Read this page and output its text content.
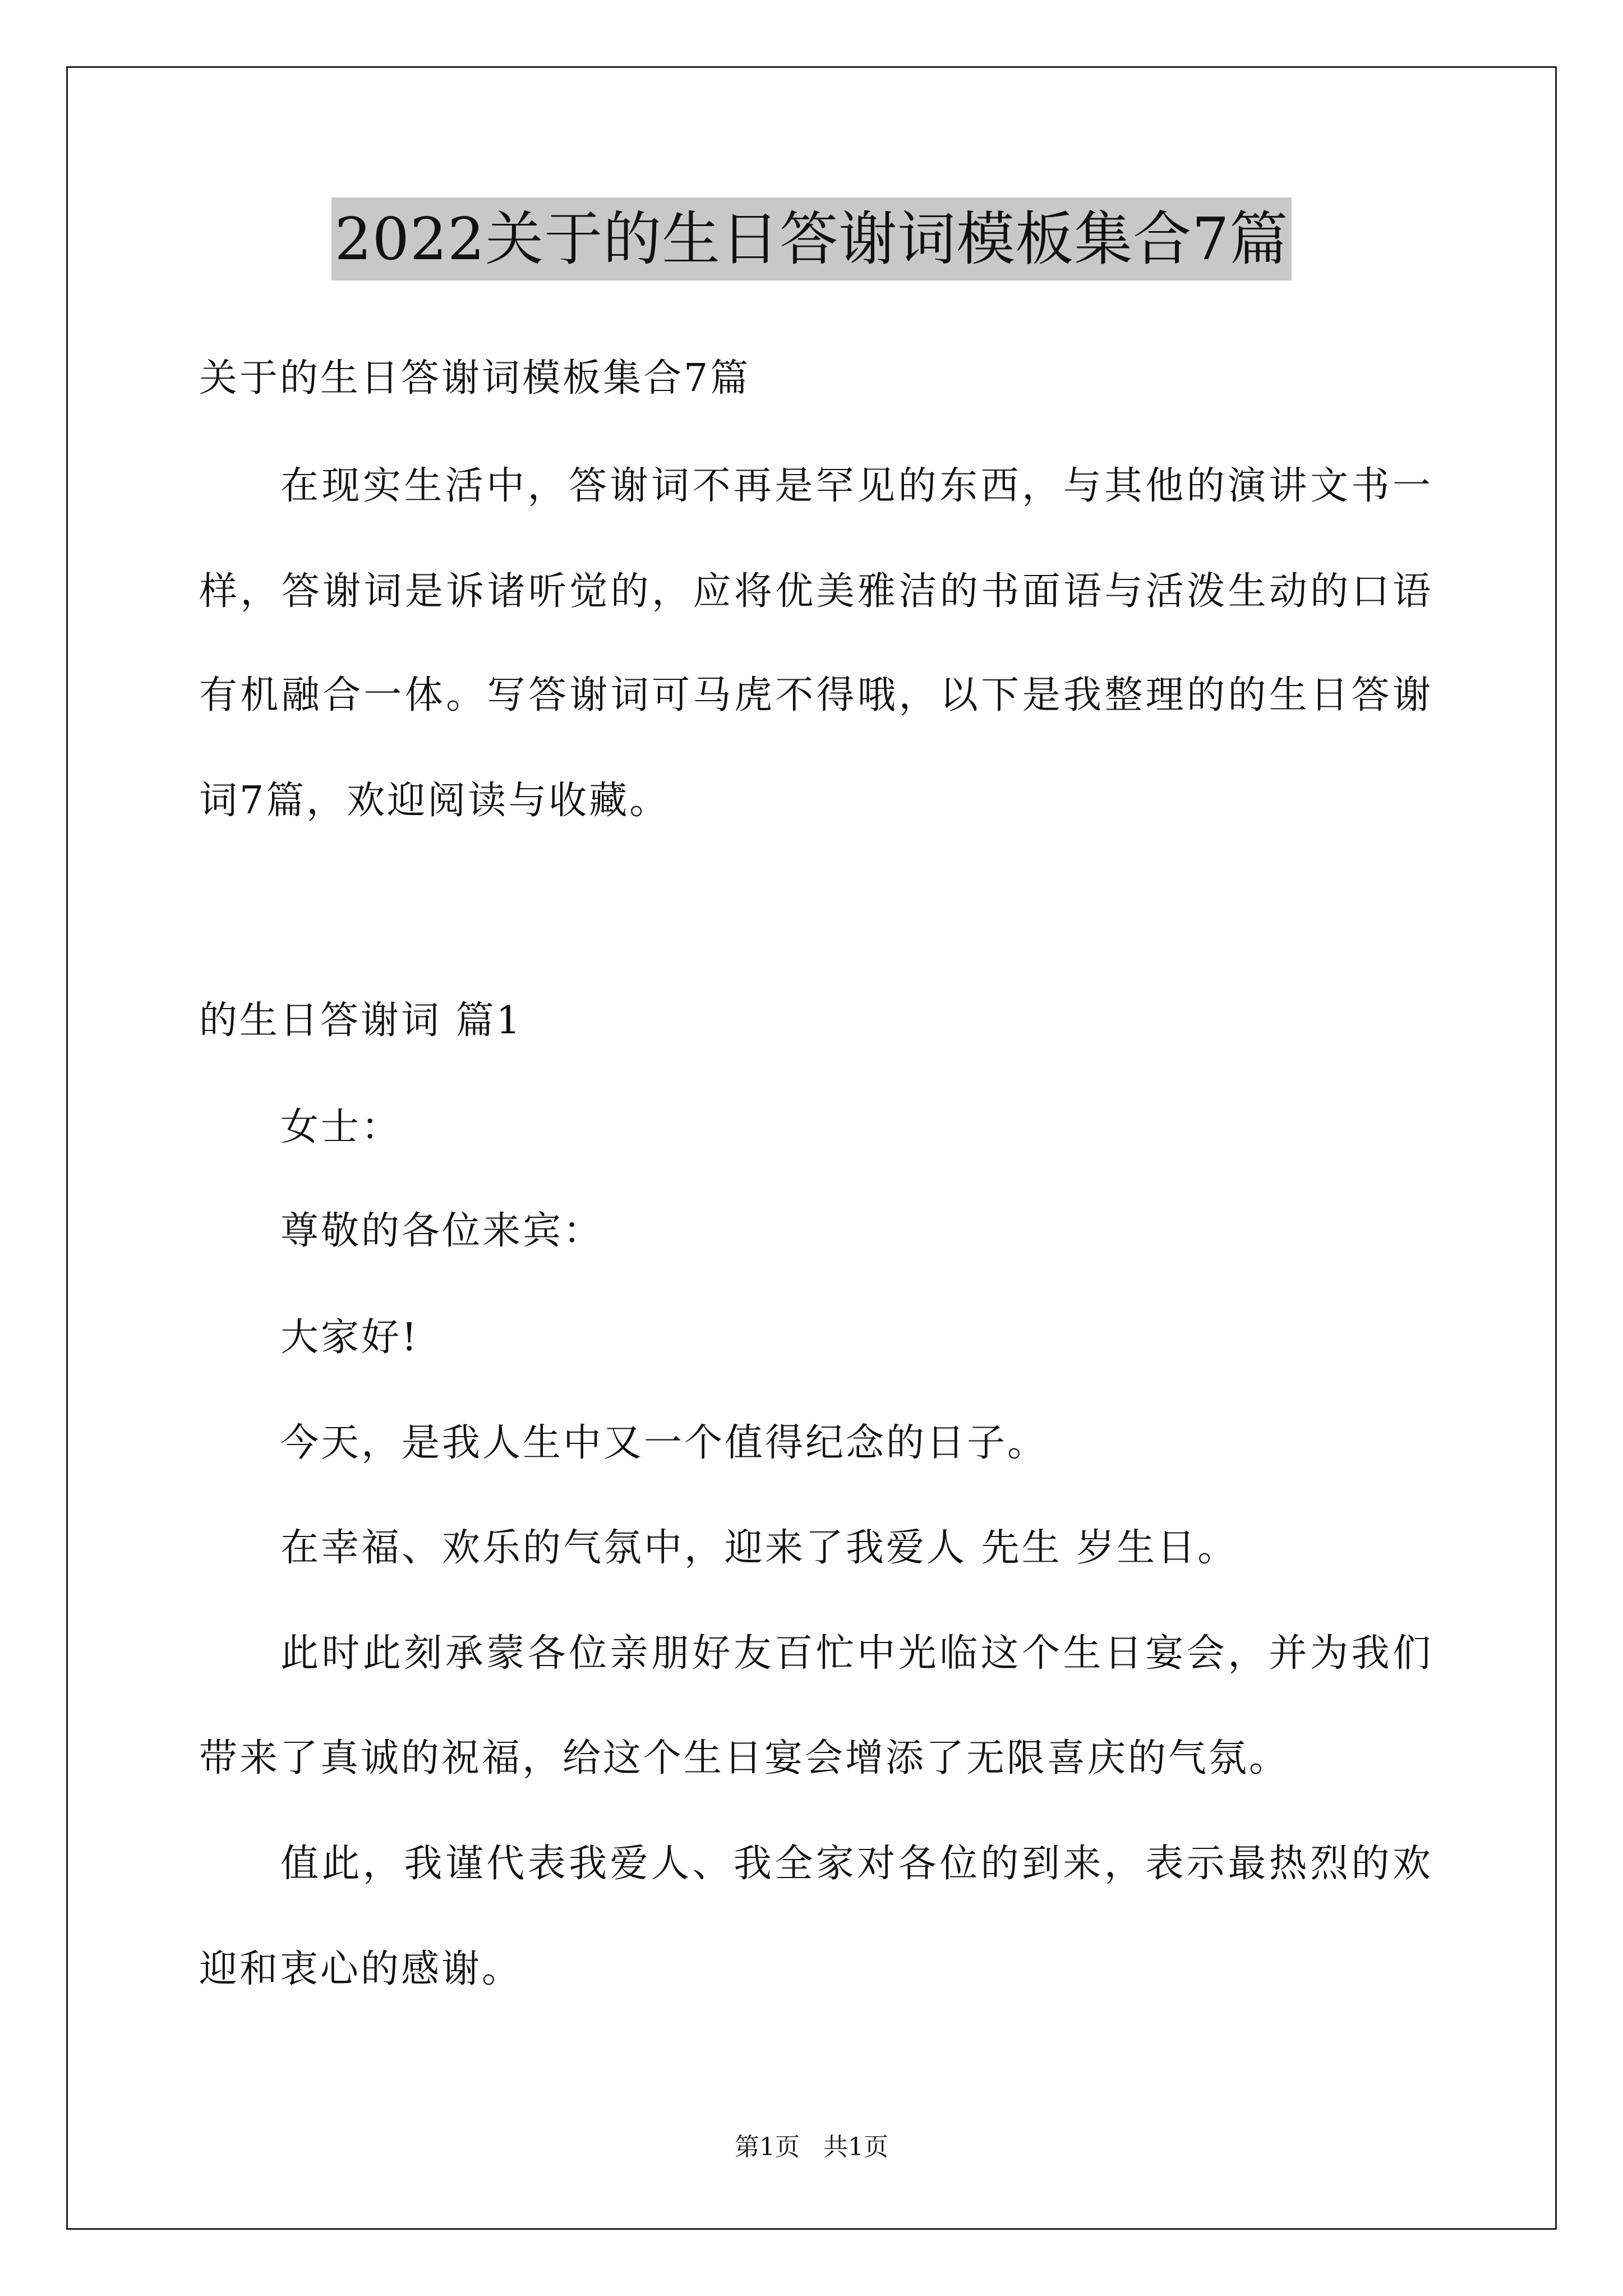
2022关于的生日答谢词模板集合7篇
关于的生日答谢词模板集合7篇
在现实生活中，答谢词不再是罕见的东西，与其他的演讲文书一
样，答谢词是诉诸听觉的，应将优美雅洁的书面语与活泼生动的口语
有机融合一体。写答谢词可马虎不得哦，以下是我整理的的生日答谢
词7篇，欢迎阅读与收藏。
的生日答谢词 篇1
女士：
尊敬的各位来宾：
大家好!
今天，是我人生中又一个值得纪念的日子。
在幸福、欢乐的气氛中，迎来了我爱人 先生 岁生日。
此时此刻承蒙各位亲朋好友百忙中光临这个生日宴会，并为我们
带来了真诚的祝福，给这个生日宴会增添了无限喜庆的气氛。
值此，我谨代表我爱人、我全家对各位的到来，表示最热烈的欢
迎和衷心的感谢。
第1页 共1页
